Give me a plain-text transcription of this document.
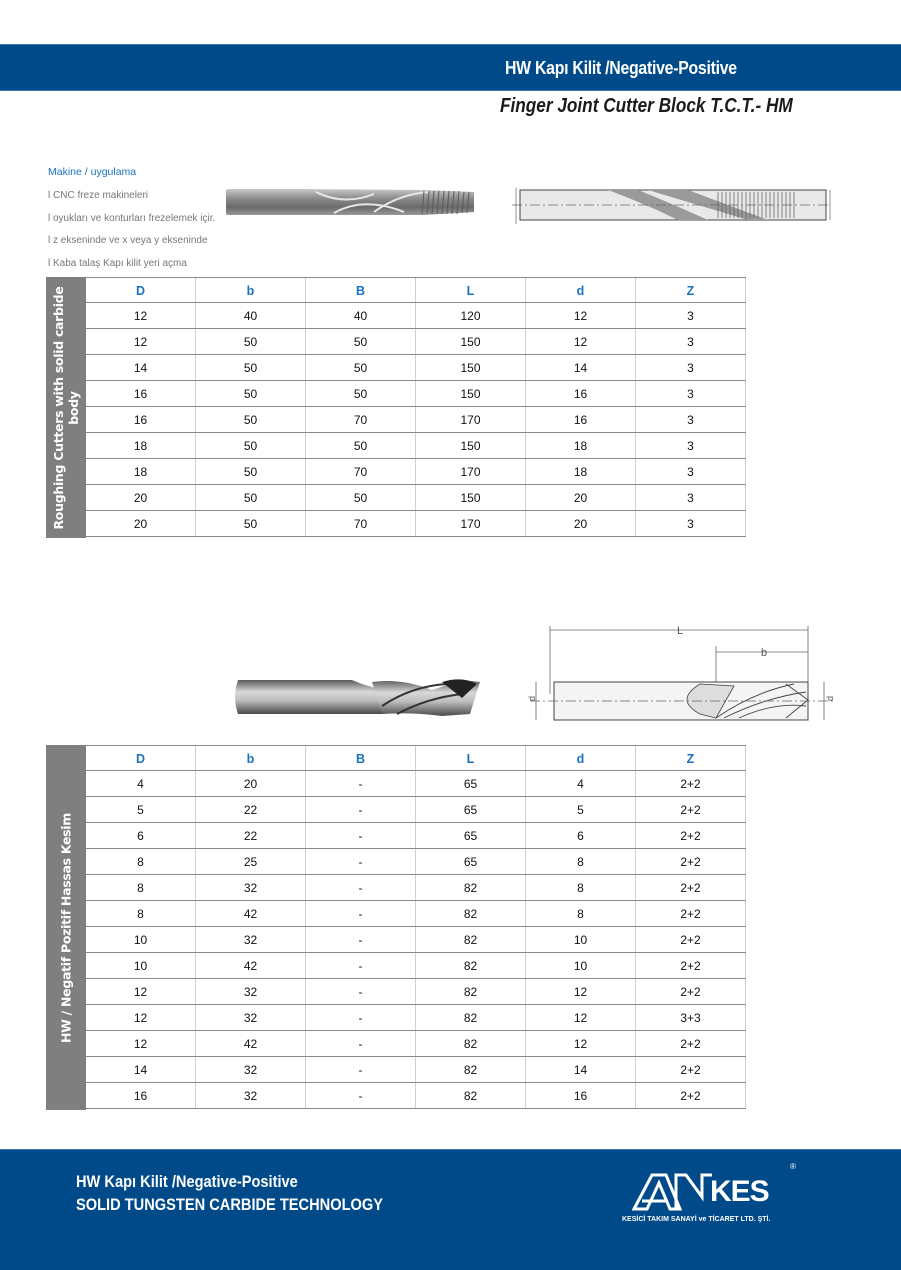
HW Kapı Kilit /Negative-Positive
Finger Joint Cutter Block T.C.T.- HM
Makine / uygulama
l CNC freze makineleri
l oyukları ve konturları frezelemek içir.
l z ekseninde ve x veya y ekseninde
l Kaba talaş Kapı kilit yeri açma
Roughing Cutters with solid carbide body
D	b	B	L	d	Z
12	40	40	120	12	3
12	50	50	150	12	3
14	50	50	150	14	3
16	50	50	150	16	3
16	50	70	170	16	3
18	50	50	150	18	3
18	50	70	170	18	3
20	50	50	150	20	3
20	50	70	170	20	3
L
b
d	d
HW / Negatif Pozitif Hassas Kesim
D	b	B	L	d	Z
4	20	-	65	4	2+2
5	22	-	65	5	2+2
6	22	-	65	6	2+2
8	25	-	65	8	2+2
8	32	-	82	8	2+2
8	42	-	82	8	2+2
10	32	-	82	10	2+2
10	42	-	82	10	2+2
12	32	-	82	12	2+2
12	32	-	82	12	3+3
12	42	-	82	12	2+2
14	32	-	82	14	2+2
16	32	-	82	16	2+2
HW Kapı Kilit /Negative-Positive
SOLID TUNGSTEN CARBIDE TECHNOLOGY	KES
®
KESİCİ TAKIM SANAYİ ve TİCARET LTD. ŞTİ.
